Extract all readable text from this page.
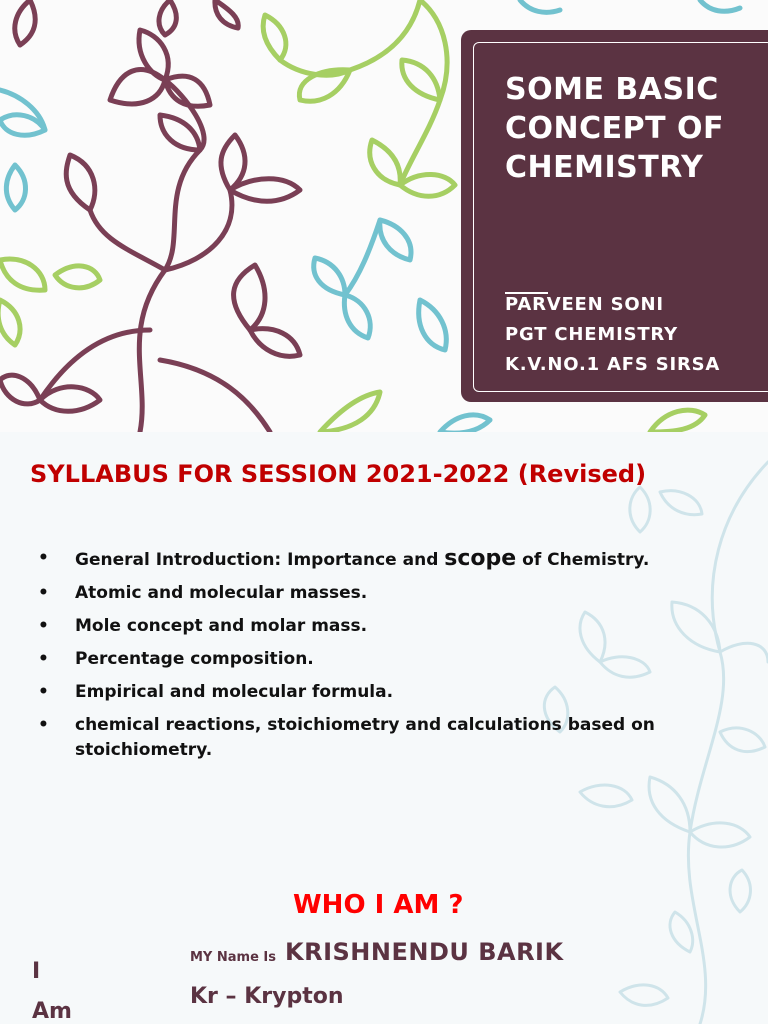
SOME BASIC CONCEPT OF CHEMISTRY
PARVEEN SONI
PGT CHEMISTRY
K.V.NO.1 AFS SIRSA
SYLLABUS FOR SESSION 2021-2022 (Revised)
• General Introduction: Importance and scope of Chemistry.
• Atomic and molecular masses.
• Mole concept and molar mass.
• Percentage composition.
• Empirical and molecular formula.
• chemical reactions, stoichiometry and calculations based on stoichiometry.
WHO I AM ?
I
Am
MY Name Is KRISHNENDU BARIK
Kr – Krypton
